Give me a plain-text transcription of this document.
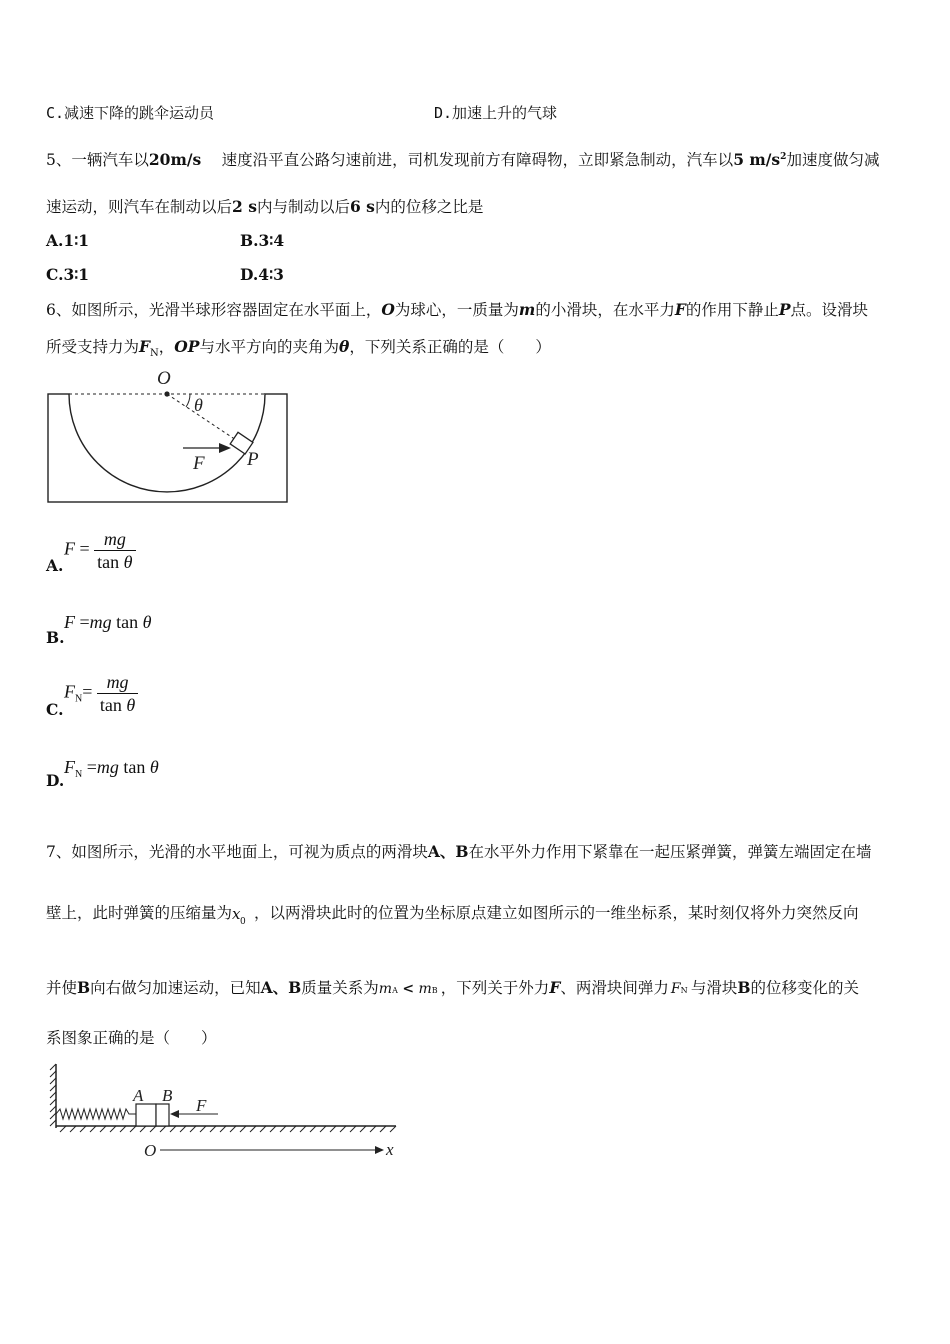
C.减速下降的跳伞运动员	D.加速上升的气球
5、一辆汽车以20m/s　 速度沿平直公路匀速前进，司机发现前方有障碍物，立即紧急制动，汽车以5 $m/s^2$加速度做匀减
速运动，则汽车在制动以后2 s内与制动以后6 s内的位移之比是
A.1∶1	B.3∶4
C.3∶1	D.4∶3
6、如图所示，光滑半球形容器固定在水平面上，O为球心，一质量为m的小滑块，在水平力F的作用下静止P点。设滑块
所受支持力为$F_N$，OP与水平方向的夹角为θ，下列关系正确的是（　　）
O
θ
F P
A.
$F = \frac{mg}{\text{tan θ}}$
B.
F =mg tan θ
C.
$F_N= \frac{mg}{\text{tan θ}}$
D.
$F_N =mg$ tan θ
7、如图所示，光滑的水平地面上，可视为质点的两滑块A、B在水平外力作用下紧靠在一起压紧弹簧，弹簧左端固定在墙
壁上，此时弹簧的压缩量为 x 0 ，以两滑块此时的位置为坐标原点建立如图所示的一维坐标系，某时刻仅将外力突然反向
并使B向右做匀加速运动，已知A、B质量关系为 mA < mB ，下列关于外力F、两滑块间弹力 FN 与滑块B的位移变化的关
系图象正确的是（　　）
A B
F
O	x
